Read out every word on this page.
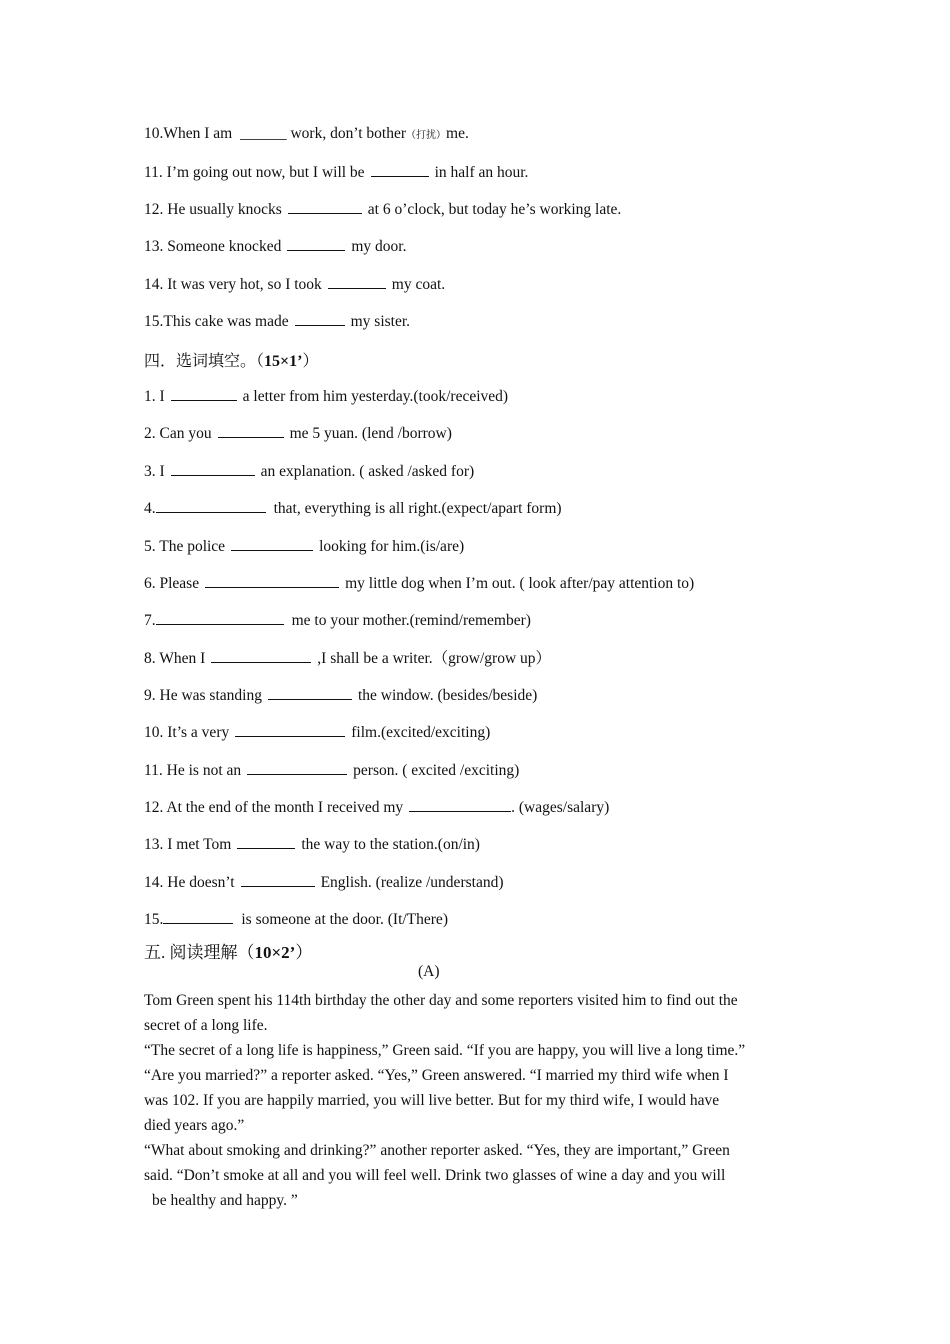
10.When I am ______ work, don’t bother（打扰）me.
11. I’m going out now, but I will be	in half an hour.
12. He usually knocks	at 6 o’clock, but today he’s working late.
13. Someone knocked	my door.
14. It was very hot, so I took	my coat.
15.This cake was made	my sister.
四．选词填空。（15×1’）
1. I	a letter from him yesterday.(took/received)
2. Can you	me 5 yuan. (lend /borrow)
3. I	an explanation. ( asked /asked for)
4.	that, everything is all right.(expect/apart form)
5. The police	looking for him.(is/are)
6. Please	my little dog when I’m out. ( look after/pay attention to)
7.	me to your mother.(remind/remember)
8. When I	,I shall be a writer.（grow/grow up）
9. He was standing	the window. (besides/beside)
10. It’s a very	film.(excited/exciting)
11. He is not an	person. ( excited /exciting)
12. At the end of the month I received my	. (wages/salary)
13. I met Tom	the way to the station.(on/in)
14. He doesn’t	English. (realize /understand)
15.	is someone at the door. (It/There)
五. 阅读理解（10×2’）
(A)

Tom Green spent his 114th birthday the other day and some reporters visited him to find out the

secret of a long life.

“The secret of a long life is happiness,” Green said. “If you are happy, you will live a long time.”

“Are you married?” a reporter asked. “Yes,” Green answered. “I married my third wife when I

was 102. If you are happily married, you will live better. But for my third wife, I would have

died years ago.”

“What about smoking and drinking?” another reporter asked. “Yes, they are important,” Green

said. “Don’t smoke at all and you will feel well. Drink two glasses of wine a day and you will

be healthy and happy. ”
